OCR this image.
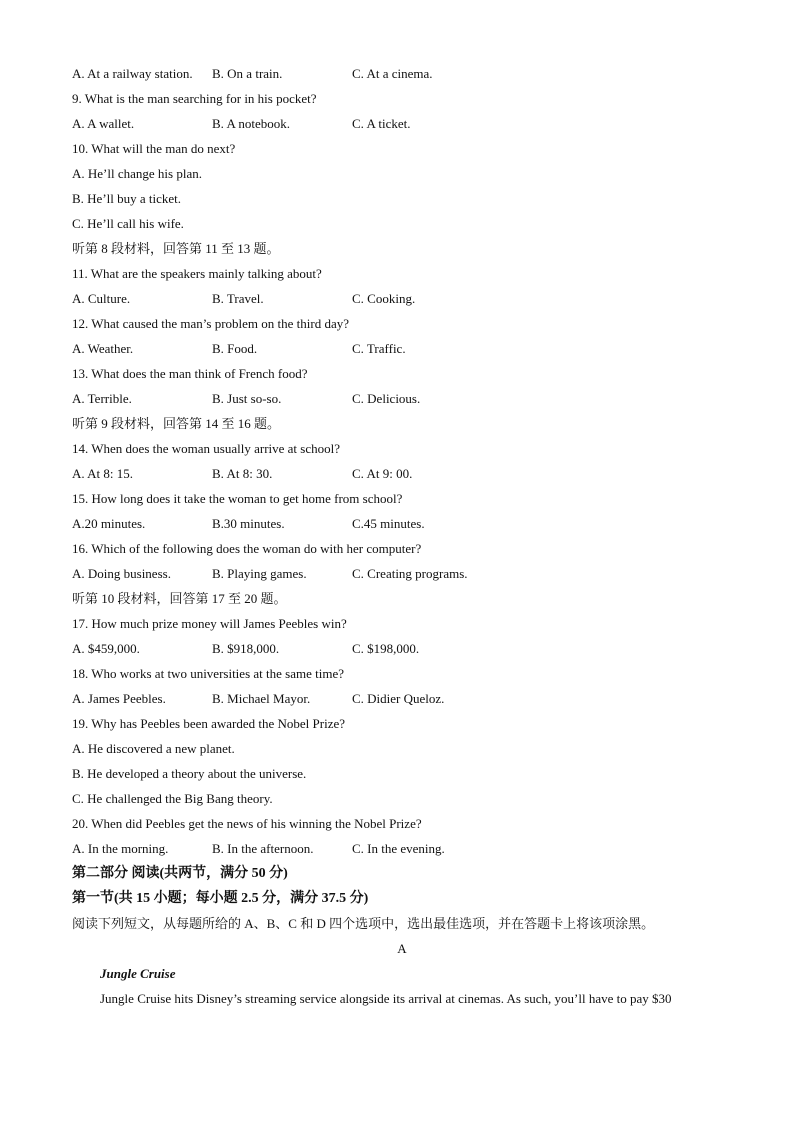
A. At a railway station. B. On a train.	C. At a cinema.
9. What is the man searching for in his pocket?
A. A wallet.	B. A notebook.	C. A ticket.
10. What will the man do next?
A. He’ll change his plan.
B. He’ll buy a ticket.
C. He’ll call his wife.
听第 8 段材料，回答第 11 至 13 题。
11. What are the speakers mainly talking about?
A. Culture.	B. Travel.	C. Cooking.
12. What caused the man’s problem on the third day?
A. Weather.	B. Food.	C. Traffic.
13. What does the man think of French food?
A. Terrible.	B. Just so-so.	C. Delicious.
听第 9 段材料，回答第 14 至 16 题。
14. When does the woman usually arrive at school?
A. At 8: 15.	B. At 8: 30.	C. At 9: 00.
15. How long does it take the woman to get home from school?
A.20 minutes.	B.30 minutes.	C.45 minutes.
16. Which of the following does the woman do with her computer?
A. Doing business.	B. Playing games.	C. Creating programs.
听第 10 段材料，回答第 17 至 20 题。
17. How much prize money will James Peebles win?
A. $459,000.	B. $918,000.	C. $198,000.
18. Who works at two universities at the same time?
A. James Peebles.	B. Michael Mayor.	C. Didier Queloz.
19. Why has Peebles been awarded the Nobel Prize?
A. He discovered a new planet.
B. He developed a theory about the universe.
C. He challenged the Big Bang theory.
20. When did Peebles get the news of his winning the Nobel Prize?
A. In the morning.	B. In the afternoon.	C. In the evening.
第二部分 阅读(共两节，满分 50 分)
第一节(共 15 小题；每小题 2.5 分，满分 37.5 分)
阅读下列短文，从每题所给的 A、B、C 和 D 四个选项中，选出最佳选项，并在答题卡上将该项涂黑。
A
Jungle Cruise
Jungle Cruise hits Disney’s streaming service alongside its arrival at cinemas. As such, you’ll have to pay $30
